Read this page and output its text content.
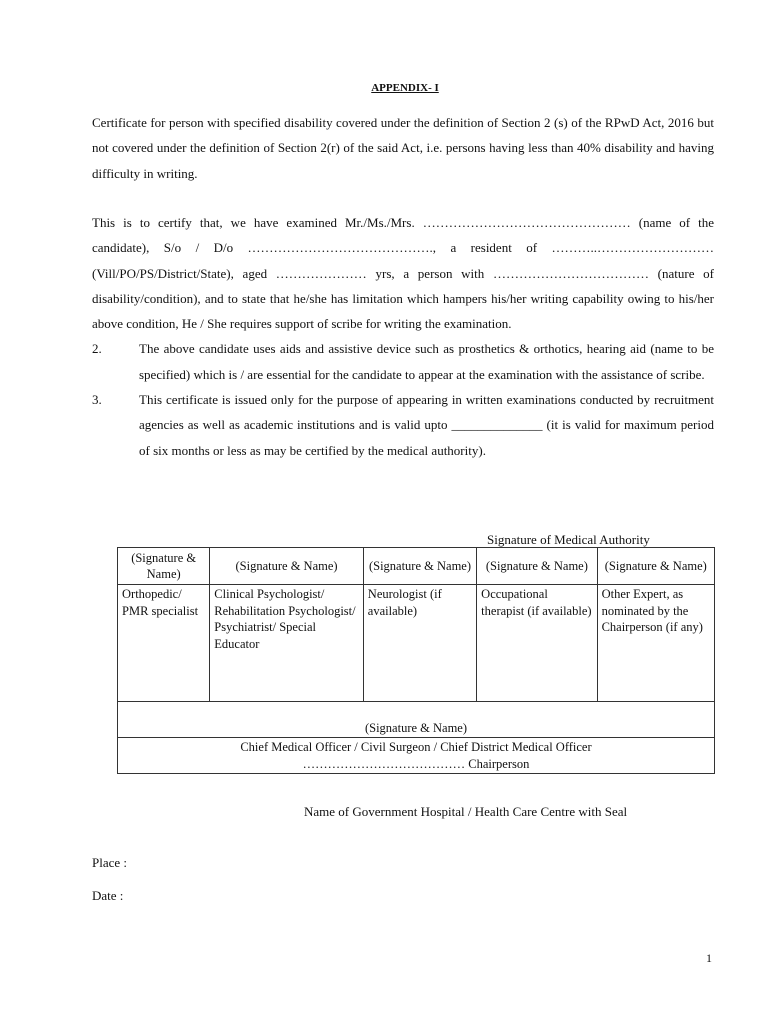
APPENDIX- I
Certificate for person with specified disability covered under the definition of Section 2 (s) of the RPwD Act, 2016 but not covered under the definition of Section 2(r) of the said Act, i.e. persons having less than 40% disability and having difficulty in writing.
This is to certify that, we have examined Mr./Ms./Mrs. ………………………………………… (name of the candidate), S/o / D/o ……………………………………., a resident of ………..……………………… (Vill/PO/PS/District/State), aged ………………… yrs, a person with ……………………………… (nature of disability/condition), and to state that he/she has limitation which hampers his/her writing capability owing to his/her above condition, He / She requires support of scribe for writing the examination.
2.	The above candidate uses aids and assistive device such as prosthetics & orthotics, hearing aid (name to be specified) which is / are essential for the candidate to appear at the examination with the assistance of scribe.
3.	This certificate is issued only for the purpose of appearing in written examinations conducted by recruitment agencies as well as academic institutions and is valid upto ______________ (it is valid for maximum period of six months or less as may be certified by the medical authority).
Signature of Medical Authority
(Signature & Name)	(Signature & Name)	(Signature & Name)	(Signature & Name)	(Signature & Name)
Orthopedic/ PMR specialist	Clinical Psychologist/ Rehabilitation Psychologist/ Psychiatrist/ Special Educator	Neurologist (if available)	Occupational therapist (if available)	Other Expert, as nominated by the Chairperson (if any)
(Signature & Name)				

Chief Medical Officer / Civil Surgeon / Chief District Medical Officer
………………………………… Chairperson				
Name of Government Hospital / Health Care Centre with Seal
Place :
Date :
1
